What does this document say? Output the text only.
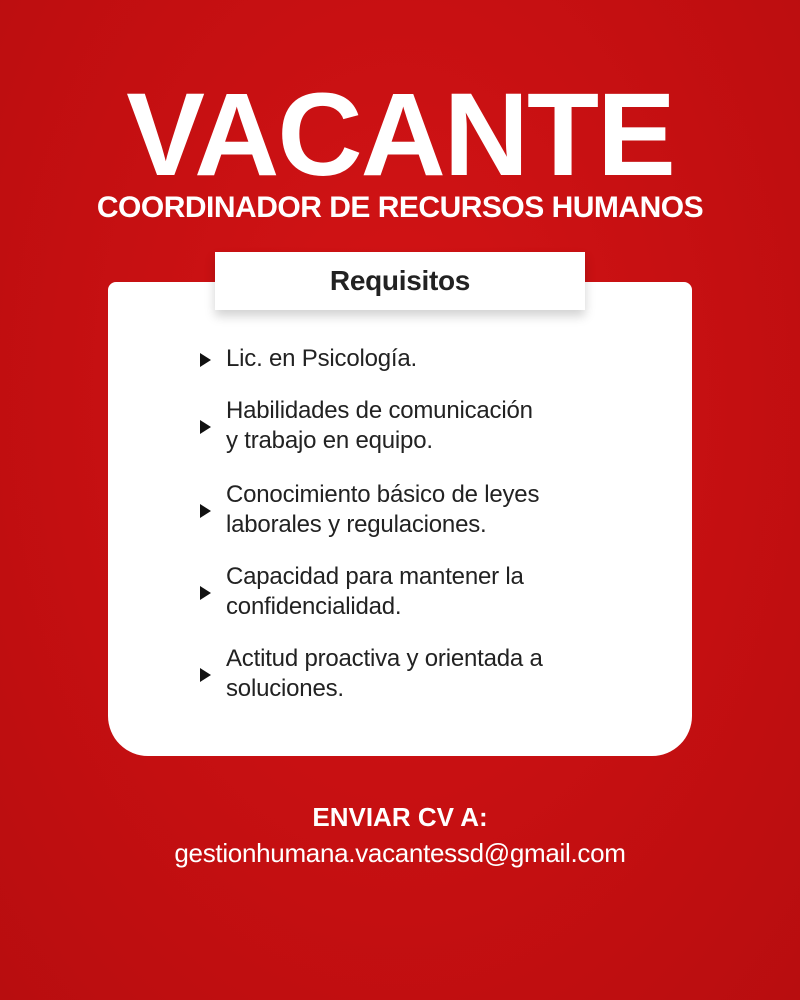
VACANTE
COORDINADOR DE RECURSOS HUMANOS
Requisitos
Lic. en Psicología.
Habilidades de comunicación
y trabajo en equipo.
Conocimiento básico de leyes
laborales y regulaciones.
Capacidad para mantener la
confidencialidad.
Actitud proactiva y orientada a
soluciones.
ENVIAR CV A:
gestionhumana.vacantessd@gmail.com
